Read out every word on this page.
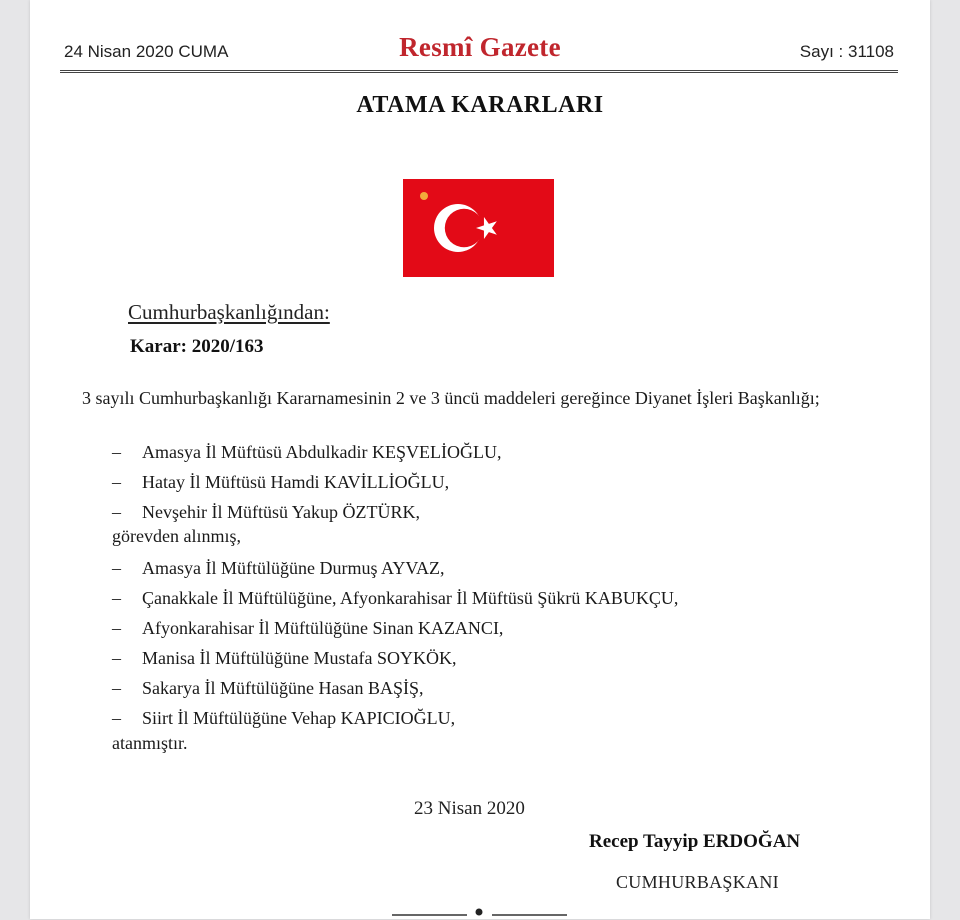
24 Nisan 2020 CUMA	Resmî Gazete	Sayı : 31108
ATAMA KARARLARI
Cumhurbaşkanlığından:
Karar: 2020/163
3 sayılı Cumhurbaşkanlığı Kararnamesinin 2 ve 3 üncü maddeleri gereğince Diyanet İşleri Başkanlığı;
– Amasya İl Müftüsü Abdulkadir KEŞVELİOĞLU,
– Hatay İl Müftüsü Hamdi KAVİLLİOĞLU,
– Nevşehir İl Müftüsü Yakup ÖZTÜRK,
görevden alınmış,
– Amasya İl Müftülüğüne Durmuş AYVAZ,
– Çanakkale İl Müftülüğüne, Afyonkarahisar İl Müftüsü Şükrü KABUKÇU,
– Afyonkarahisar İl Müftülüğüne Sinan KAZANCI,
– Manisa İl Müftülüğüne Mustafa SOYKÖK,
– Sakarya İl Müftülüğüne Hasan BAŞİŞ,
– Siirt İl Müftülüğüne Vehap KAPICIOĞLU,
atanmıştır.
23 Nisan 2020
Recep Tayyip ERDOĞAN
CUMHURBAŞKANI
